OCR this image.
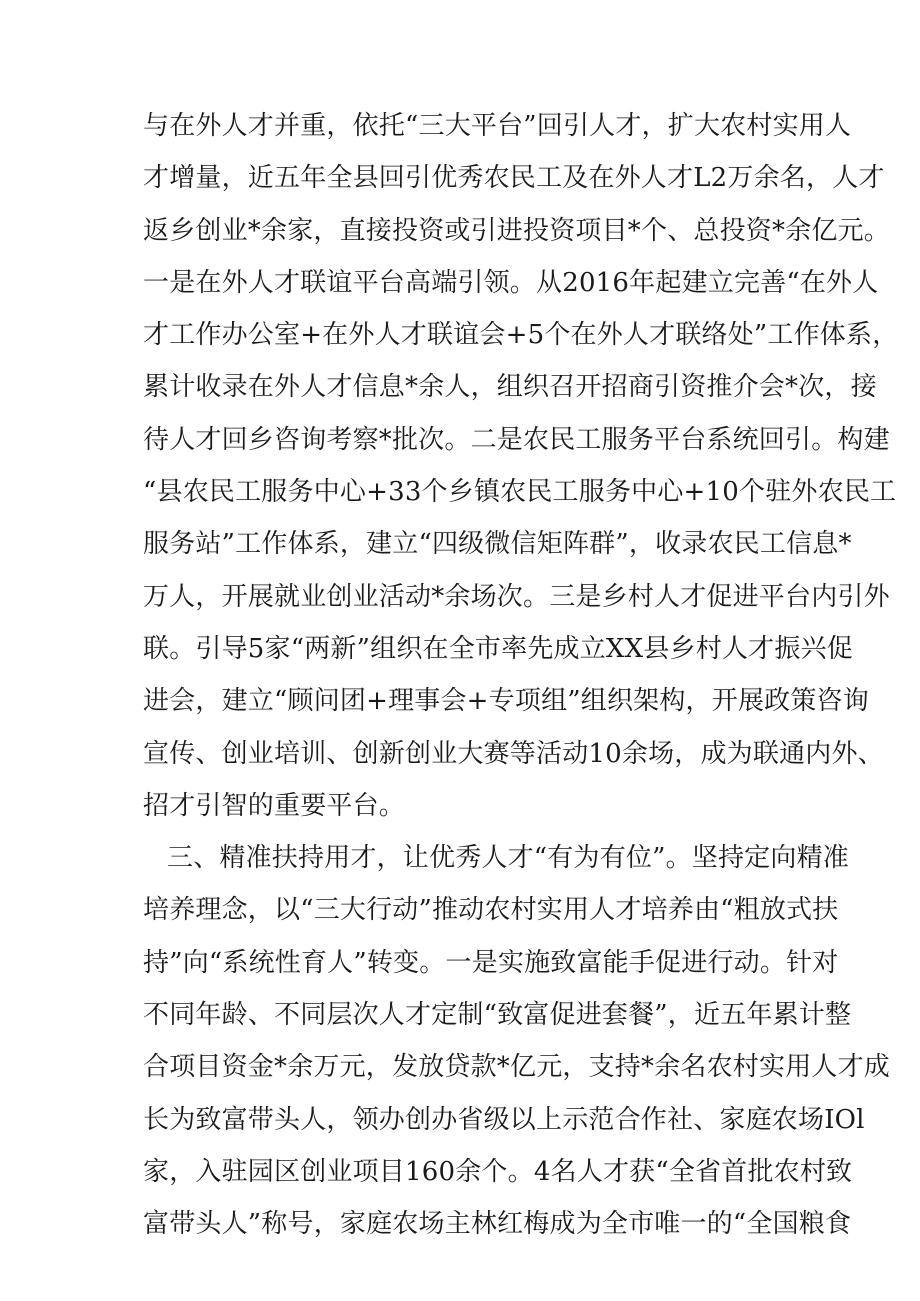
与在外人才并重，依托“三大平台”回引人才，扩大农村实用人
才增量，近五年全县回引优秀农民工及在外人才L2万余名，人才
返乡创业*余家，直接投资或引进投资项目*个、总投资*余亿元。
一是在外人才联谊平台高端引领。从2016年起建立完善“在外人
才工作办公室+在外人才联谊会+5个在外人才联络处”工作体系，
累计收录在外人才信息*余人，组织召开招商引资推介会*次，接
待人才回乡咨询考察*批次。二是农民工服务平台系统回引。构建
“县农民工服务中心+33个乡镇农民工服务中心+10个驻外农民工
服务站”工作体系，建立“四级微信矩阵群”，收录农民工信息*
万人，开展就业创业活动*余场次。三是乡村人才促进平台内引外
联。引导5家“两新”组织在全市率先成立XX县乡村人才振兴促
进会，建立“顾问团+理事会+专项组”组织架构，开展政策咨询
宣传、创业培训、创新创业大赛等活动10余场，成为联通内外、
招才引智的重要平台。
三、精准扶持用才，让优秀人才“有为有位”。坚持定向精准
培养理念，以“三大行动”推动农村实用人才培养由“粗放式扶
持”向“系统性育人”转变。一是实施致富能手促进行动。针对
不同年龄、不同层次人才定制“致富促进套餐”，近五年累计整
合项目资金*余万元，发放贷款*亿元，支持*余名农村实用人才成
长为致富带头人，领办创办省级以上示范合作社、家庭农场IOl
家，入驻园区创业项目160余个。4名人才获“全省首批农村致
富带头人”称号，家庭农场主林红梅成为全市唯一的“全国粮食
